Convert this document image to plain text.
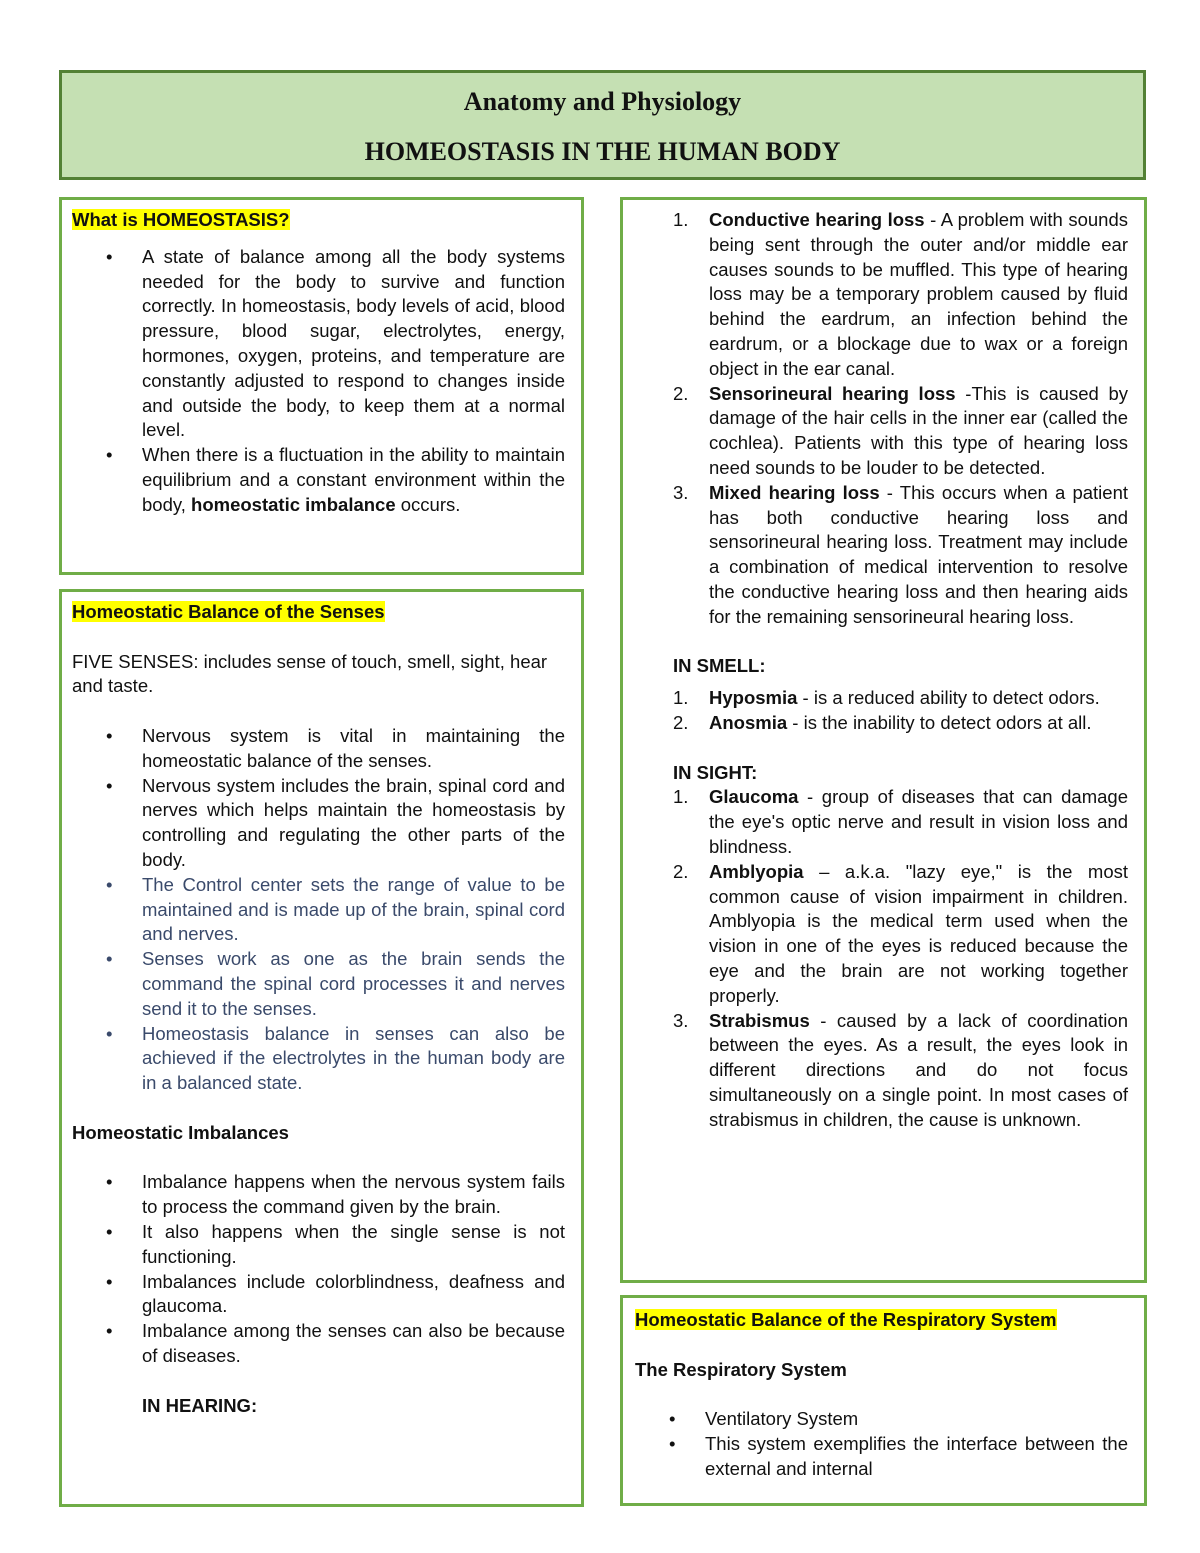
Anatomy and Physiology
HOMEOSTASIS IN THE HUMAN BODY

What is HOMEOSTASIS?

• A state of balance among all the body systems needed for the body to survive and function correctly. In homeostasis, body levels of acid, blood pressure, blood sugar, electrolytes, energy, hormones, oxygen, proteins, and temperature are constantly adjusted to respond to changes inside and outside the body, to keep them at a normal level.
• When there is a fluctuation in the ability to maintain equilibrium and a constant environment within the body, homeostatic imbalance occurs.

Homeostatic Balance of the Senses

FIVE SENSES: includes sense of touch, smell, sight, hear and taste.

• Nervous system is vital in maintaining the homeostatic balance of the senses.
• Nervous system includes the brain, spinal cord and nerves which helps maintain the homeostasis by controlling and regulating the other parts of the body.
• The Control center sets the range of value to be maintained and is made up of the brain, spinal cord and nerves.
• Senses work as one as the brain sends the command the spinal cord processes it and nerves send it to the senses.
• Homeostasis balance in senses can also be achieved if the electrolytes in the human body are in a balanced state.

Homeostatic Imbalances

• Imbalance happens when the nervous system fails to process the command given by the brain.
• It also happens when the single sense is not functioning.
• Imbalances include colorblindness, deafness and glaucoma.
• Imbalance among the senses can also be because of diseases.

IN HEARING:

1. Conductive hearing loss - A problem with sounds being sent through the outer and/or middle ear causes sounds to be muffled. This type of hearing loss may be a temporary problem caused by fluid behind the eardrum, an infection behind the eardrum, or a blockage due to wax or a foreign object in the ear canal.
2. Sensorineural hearing loss -This is caused by damage of the hair cells in the inner ear (called the cochlea). Patients with this type of hearing loss need sounds to be louder to be detected.
3. Mixed hearing loss - This occurs when a patient has both conductive hearing loss and sensorineural hearing loss. Treatment may include a combination of medical intervention to resolve the conductive hearing loss and then hearing aids for the remaining sensorineural hearing loss.

IN SMELL:

1. Hyposmia - is a reduced ability to detect odors.
2. Anosmia - is the inability to detect odors at all.

IN SIGHT:

1. Glaucoma - group of diseases that can damage the eye's optic nerve and result in vision loss and blindness.
2. Amblyopia – a.k.a. "lazy eye," is the most common cause of vision impairment in children. Amblyopia is the medical term used when the vision in one of the eyes is reduced because the eye and the brain are not working together properly.
3. Strabismus - caused by a lack of coordination between the eyes. As a result, the eyes look in different directions and do not focus simultaneously on a single point. In most cases of strabismus in children, the cause is unknown.

Homeostatic Balance of the Respiratory System

The Respiratory System

• Ventilatory System
• This system exemplifies the interface between the external and internal
